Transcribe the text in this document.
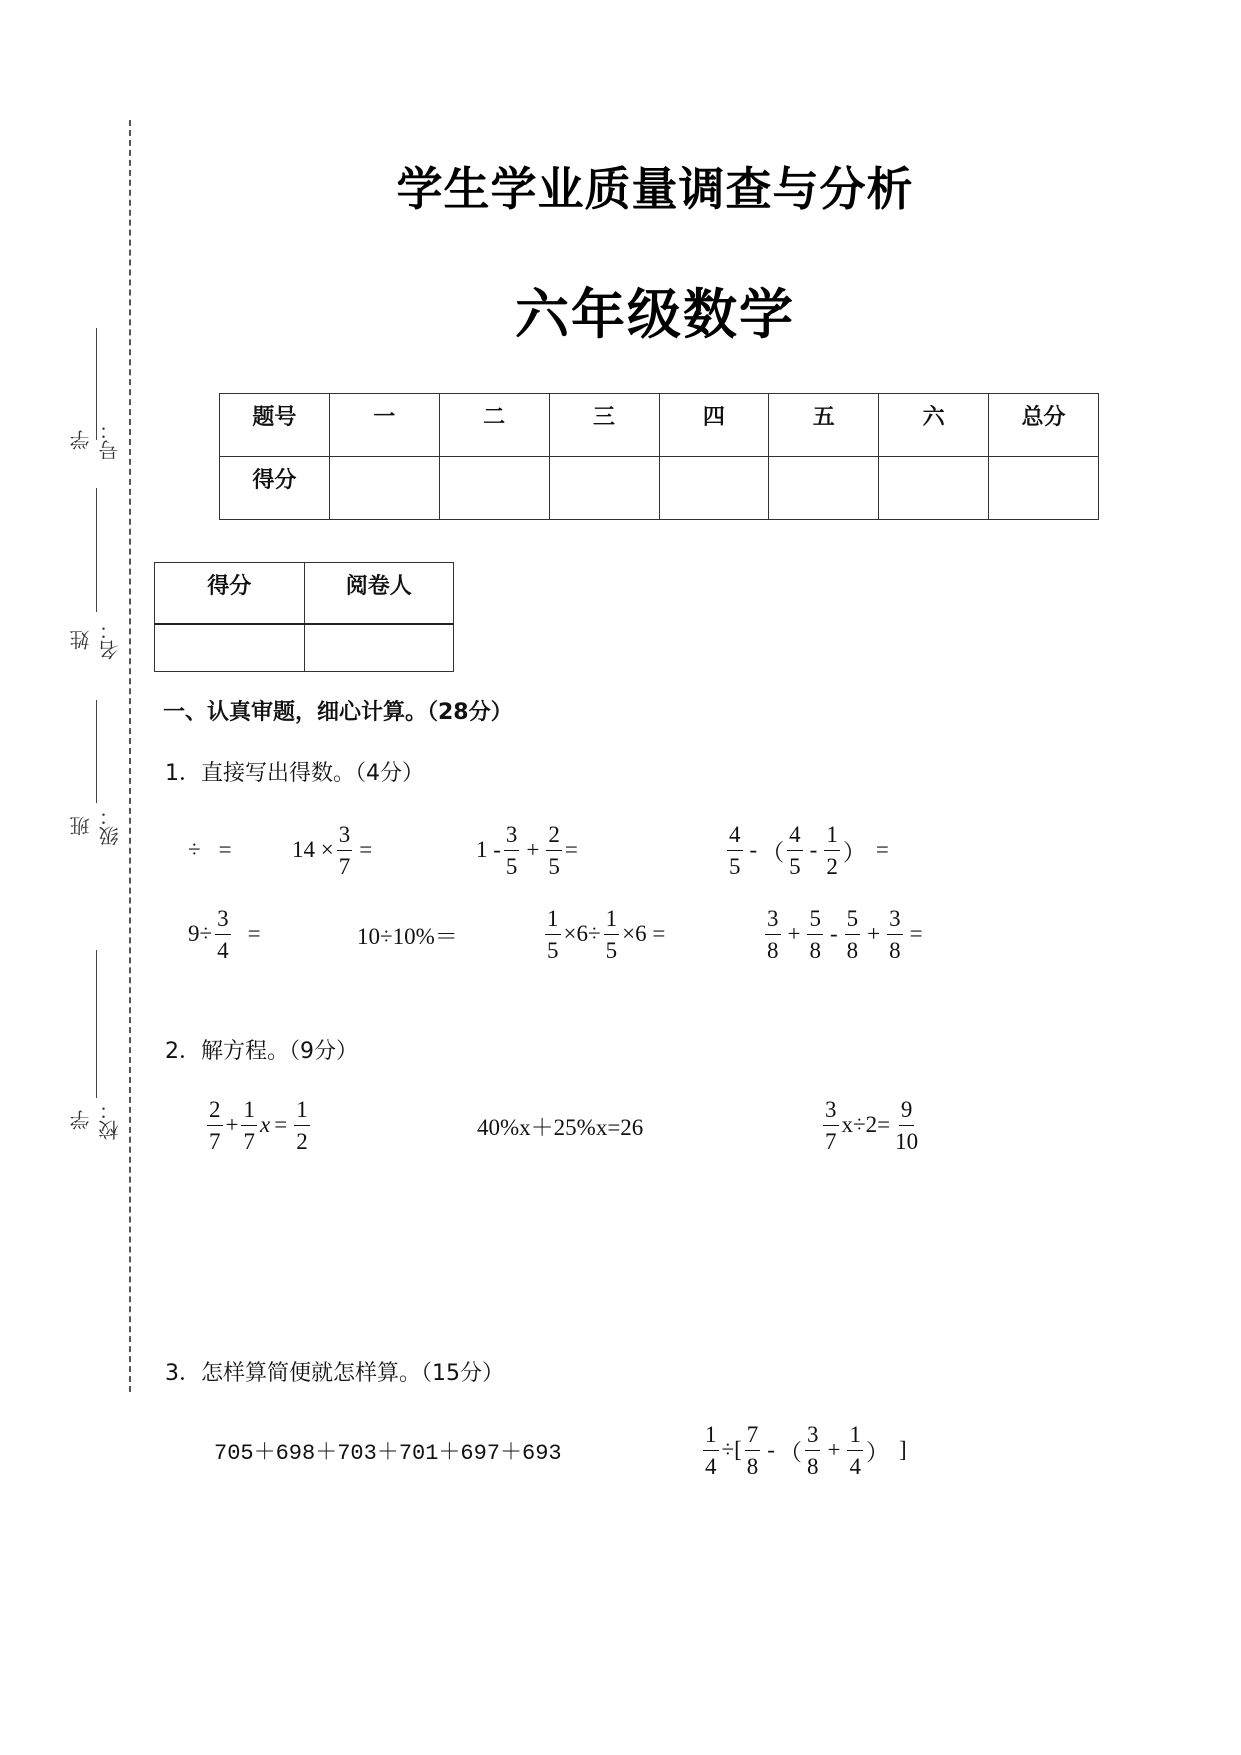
学号：
姓名：
班级：
学校：
学生学业质量调查与分析
六年级数学
题号	一	二	三	四	五	六	总分
得分							
得分	阅卷人

一、认真审题，细心计算。（28分）
1．直接写出得数。（4分）
÷ =	$14 \times \frac{3}{7}$ =	$1 - \frac{3}{5} + \frac{2}{5}$ =	$\frac{4}{5}$ - （ $\frac{4}{5} - \frac{1}{2}$ ） =
$9\div \frac{3}{4}$ =	10÷10%＝	$\frac{1}{5} \times 6\div \frac{1}{5} \times 6$ =	$\frac{3}{8} + \frac{5}{8} - \frac{5}{8} + \frac{3}{8}$ =
2．解方程。（9分）
$\frac{2}{7} + \frac{1}{7}$ $x = \frac{1}{2}$	40%x＋25%x=26	$\frac{3}{7} x\div 2= \frac{9}{10}$
3．怎样算简便就怎样算。（15分）
705＋698＋703＋701＋697＋693	$\frac{1}{4}$ ÷[ $\frac{7}{8}$ - （ $\frac{3}{8} + \frac{1}{4}$ ） ]
